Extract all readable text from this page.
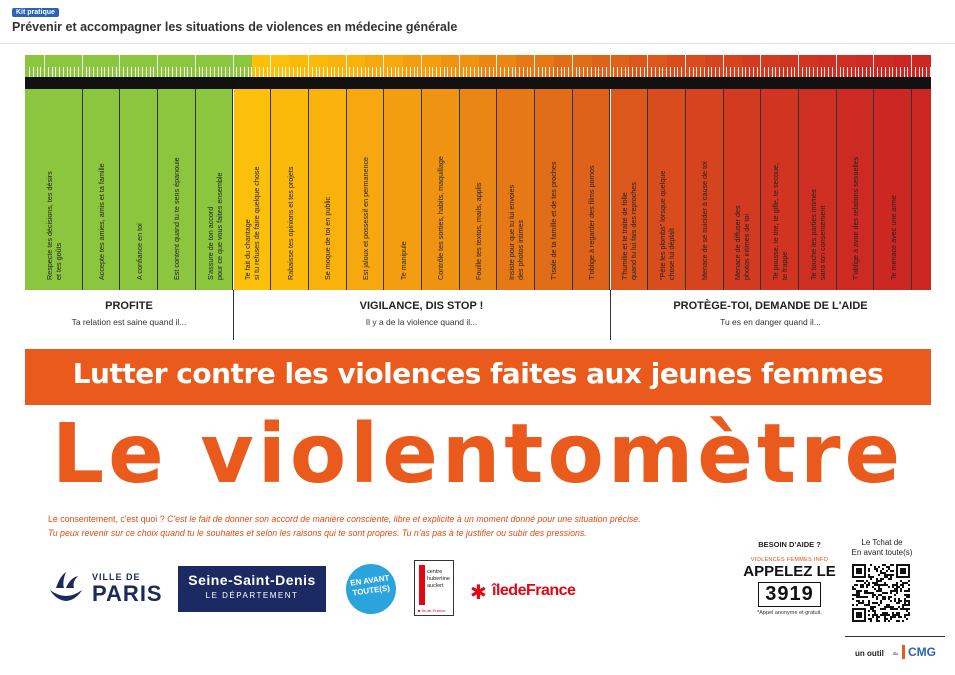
Kit pratique
Prévenir et accompagner les situations de violences en médecine générale
1	2	3	4	5	6	7	8	9	10	11	12	13	14	15	16	17	18	19	20	21	22	23	24
Respecte tes décisions, tes désirs
et tes goûts	Accepte tes amies, amis et ta famille	A confiance en toi	Est content quand tu te sens épanouie	S'assure de ton accord
pour ce que vous faites ensemble
Te fait du chantage
si tu refuses de faire quelque chose	Rabaisse tes opinions et tes projets	Se moque de toi en public	Est jaloux et possessif en permanence	Te manipule	Contrôle tes sorties, habits, maquillage	Fouille tes textos, mails, applis	Insiste pour que tu lui envoies
des photos intimes	T'isole de ta famille et de tes proches	T'oblige à regarder des films pornos	T'humilie et te traite de folle
quand tu lui fais des reproches
"Pète les plombs" lorsque quelque
chose lui déplaît	Menace de se suicider à cause de toi	Menace de diffuser des
photos intimes de toi
Te pousse, te tire, te gifle, te secoue,
te frappe
Te touche les parties intimes
sans ton consentement	T'oblige à avoir des relations sexuelles	Te menace avec une arme
PROFITE
Ta relation est saine quand il...
VIGILANCE, DIS STOP !
Il y a de la violence quand il...
PROTÈGE-TOI, DEMANDE DE L'AIDE
Tu es en danger quand il...
Lutter contre les violences faites aux jeunes femmes
Le violentomètre
Le consentement, c'est quoi ? C'est le fait de donner son accord de manière consciente, libre et explicite à un moment donné pour une situation précise.
Tu peux revenir sur ce choix quand tu le souhaites et selon les raisons qui te sont propres. Tu n'as pas à te justifier ou subir des pressions.
VILLE DE
PARIS
Seine-Saint-Denis
LE DÉPARTEMENT
EN AVANT
TOUTE(S)
centre
hubertine
auclert
■ Île-de-France
✱ îledeFrance
BESOIN D'AIDE ?
VIOLENCES FEMMES INFO
APPELEZ LE
3919
*Appel anonyme et gratuit.
Le Tchat de
En avant toute(s)
un outil du CMG
